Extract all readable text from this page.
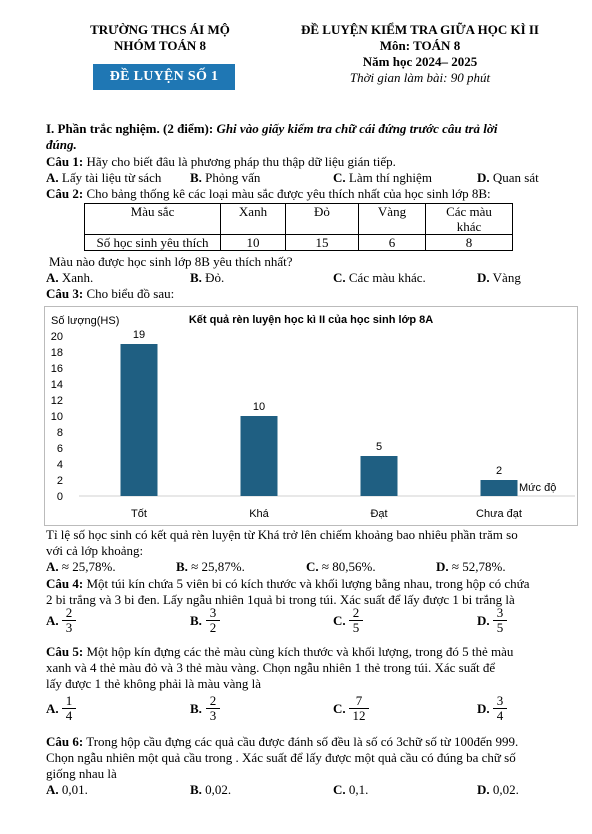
TRƯỜNG THCS ÁI MỘ
NHÓM TOÁN 8
ĐỀ LUYỆN KIỂM TRA GIỮA HỌC KÌ II
Môn: TOÁN 8
Năm học 2024– 2025
Thời gian làm bài: 90 phút
ĐỀ LUYỆN SỐ 1
I. Phần trắc nghiệm. (2 điểm): Ghi vào giấy kiểm tra chữ cái đứng trước câu trả lời
đúng.
Câu 1: Hãy cho biết đâu là phương pháp thu thập dữ liệu gián tiếp.
A. Lấy tài liệu từ sách B. Phỏng vấn	C. Làm thí nghiệm	D. Quan sát
Câu 2: Cho bảng thống kê các loại màu sắc được yêu thích nhất của học sinh lớp 8B:
Màu sắc	Xanh	Đỏ	Vàng	Các màu
khác
Số học sinh yêu thích	10	15	6	8
Màu nào được học sinh lớp 8B yêu thích nhất?
A. Xanh.	B. Đỏ.	C. Các màu khác.	D. Vàng
Câu 3: Cho biểu đồ sau:
Kết quả rèn luyện học kì II của học sinh lớp 8A
Số lượng(HS)
Mức độ
0
2
4
6
8
10
12
14
16
18
20	19
Tốt
10
Khá
5
Đạt
2
Chưa đạt
Tỉ lệ số học sinh có kết quả rèn luyện từ Khá trở lên chiếm khoảng bao nhiêu phần trăm so
với cả lớp khoảng:
A. ≈ 25,78%.	B. ≈ 25,87%.	C. ≈ 80,56%.	D. ≈ 52,78%.
Câu 4: Một túi kín chứa 5 viên bi có kích thước và khối lượng bằng nhau, trong hộp có chứa
2 bi trắng và 3 bi đen. Lấy ngẫu nhiên 1quả bi trong túi. Xác suất để lấy được 1 bi trắng là
A. $\frac{2}{3}$	B. $\frac{3}{2}$	C. $\frac{2}{5}$	D. $\frac{3}{5}$
Câu 5: Một hộp kín đựng các thẻ màu cùng kích thước và khối lượng, trong đó 5 thẻ màu
xanh và 4 thẻ màu đỏ và 3 thẻ màu vàng. Chọn ngẫu nhiên 1 thẻ trong túi. Xác suất để
lấy được 1 thẻ không phải là màu vàng là
A. $\frac{1}{4}$	B. $\frac{2}{3}$	C. $\frac{7}{12}$	D. $\frac{3}{4}$
Câu 6: Trong hộp cầu đựng các quả cầu được đánh số đều là số có 3chữ số từ 100đến 999.
Chọn ngẫu nhiên một quả cầu trong . Xác suất để lấy được một quả cầu có đúng ba chữ số
giống nhau là
A. 0,01.	B. 0,02.	C. 0,1.	D. 0,02.
